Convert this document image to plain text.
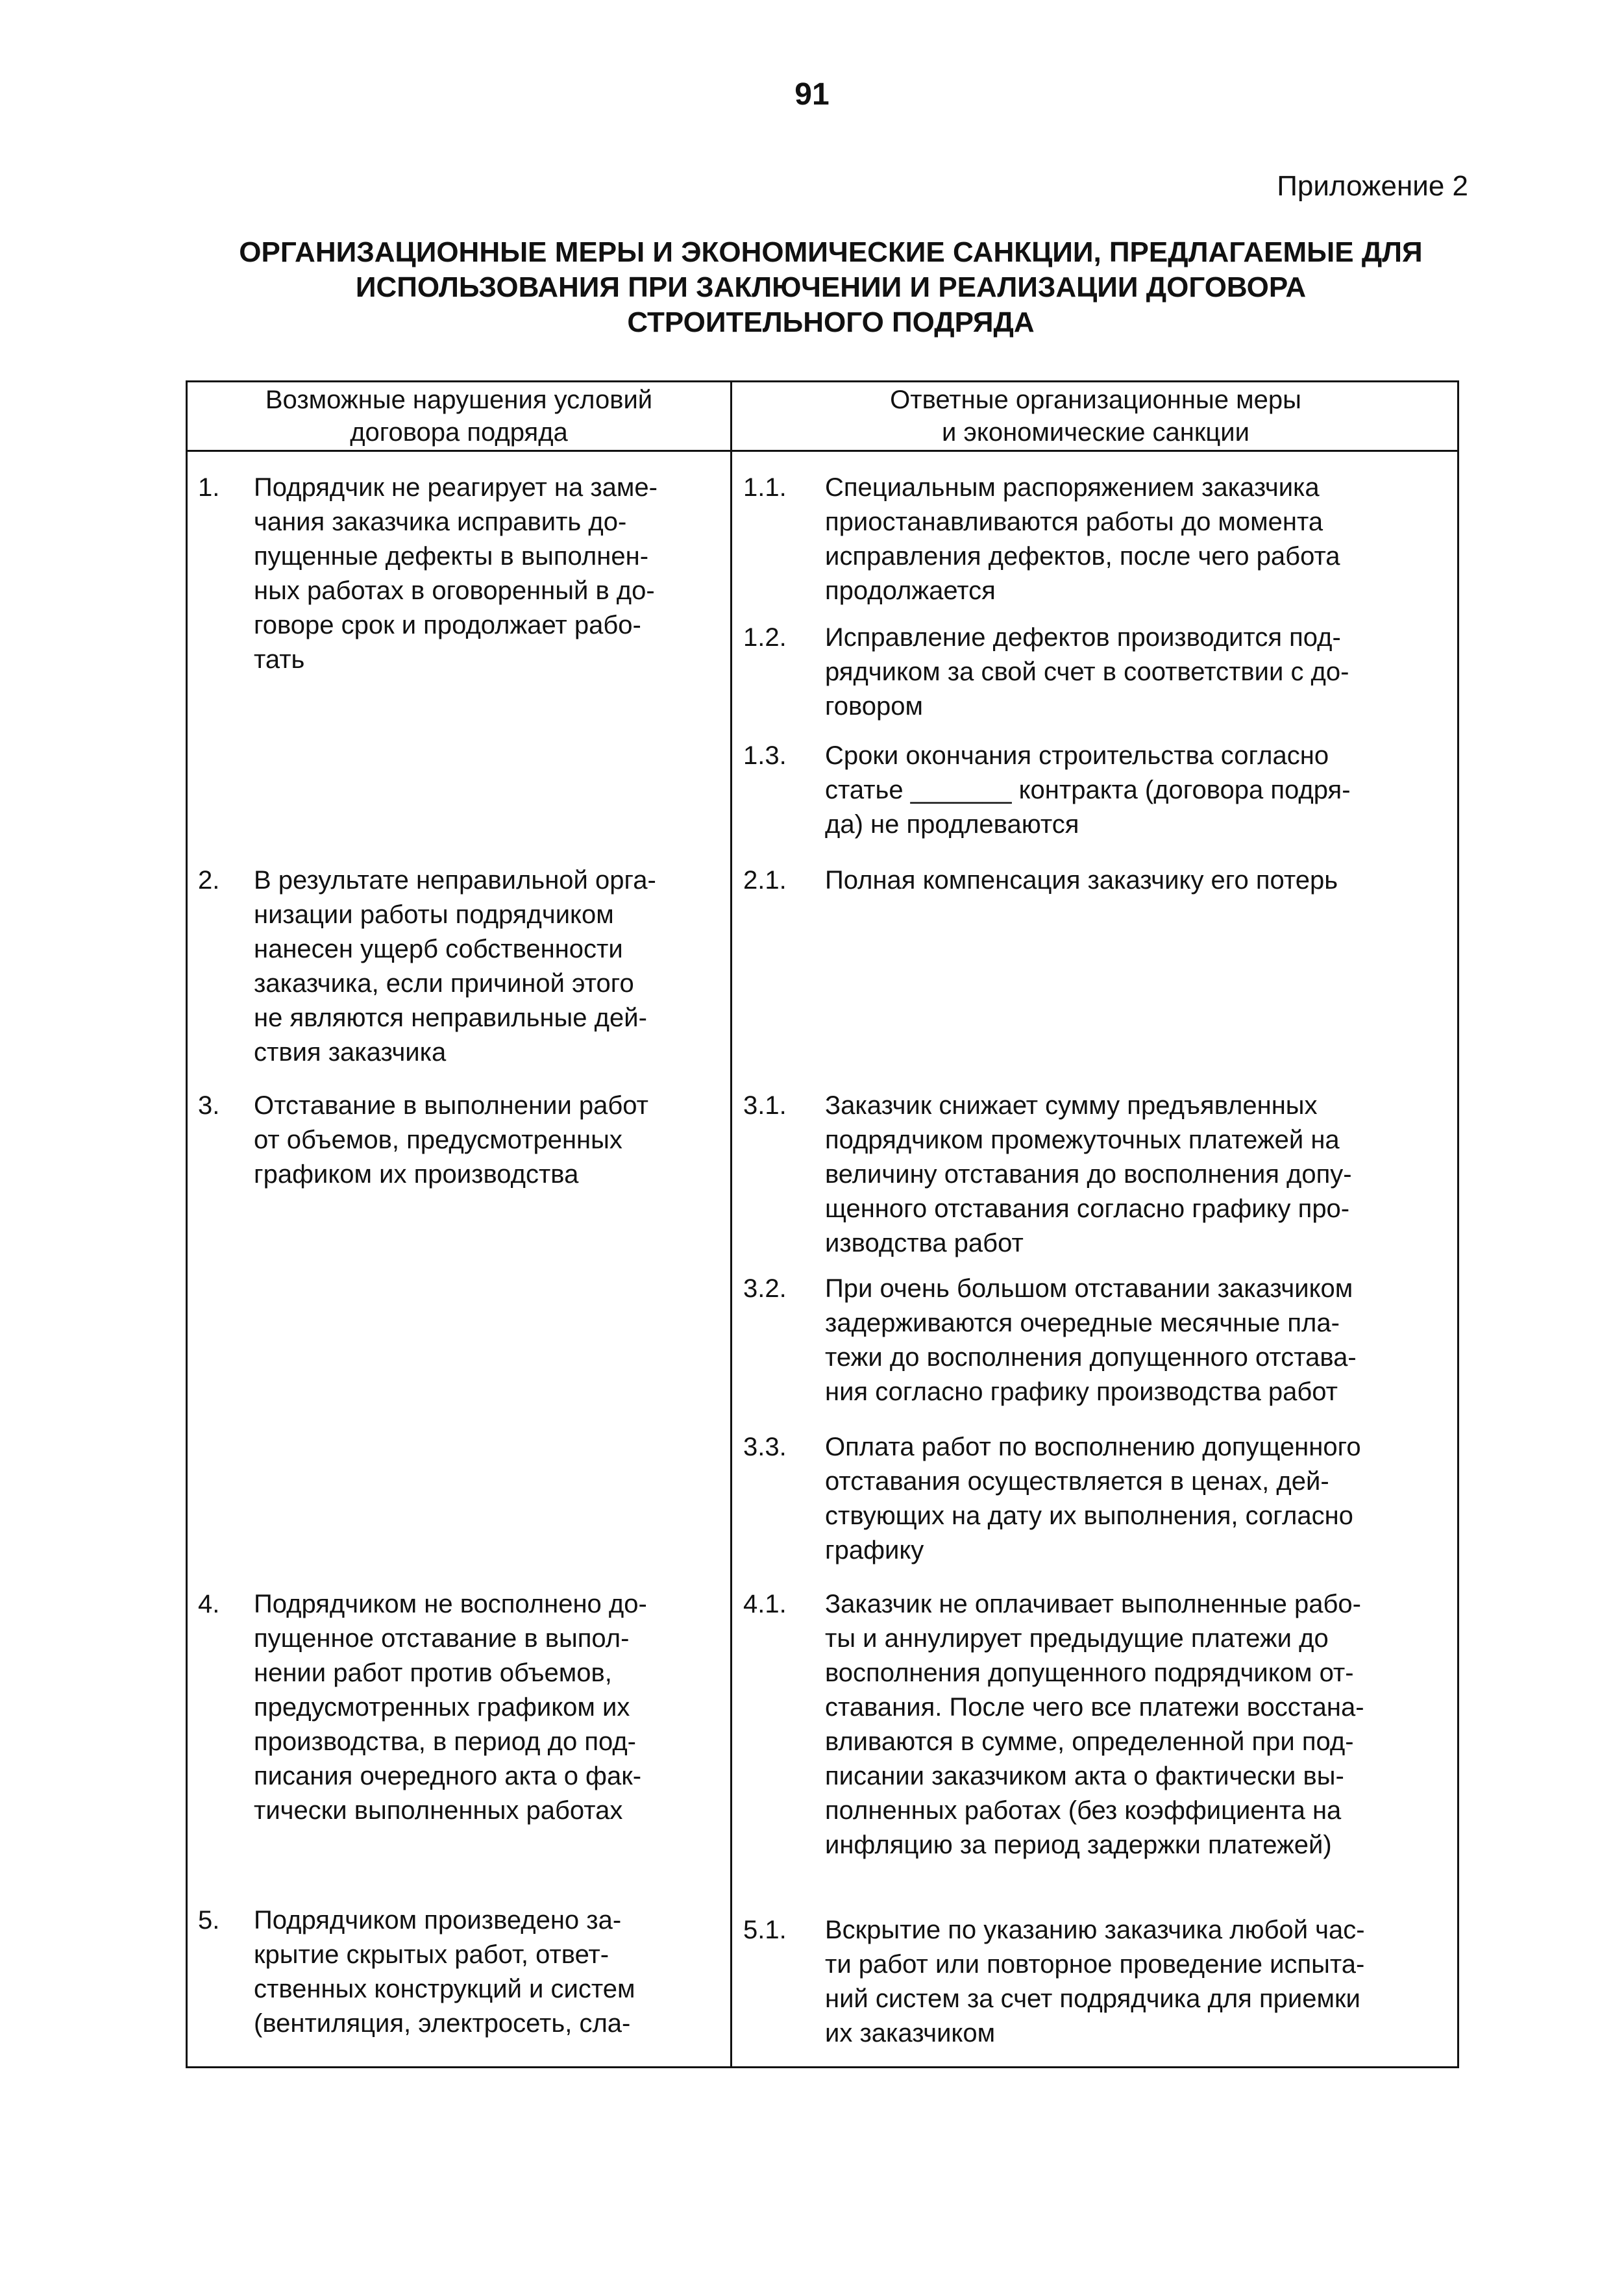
91
Приложение 2
ОРГАНИЗАЦИОННЫЕ МЕРЫ И ЭКОНОМИЧЕСКИЕ САНКЦИИ, ПРЕДЛАГАЕМЫЕ ДЛЯ
ИСПОЛЬЗОВАНИЯ ПРИ ЗАКЛЮЧЕНИИ И РЕАЛИЗАЦИИ ДОГОВОРА
СТРОИТЕЛЬНОГО ПОДРЯДА
Возможные нарушения условий
договора подряда
Ответные организационные меры
и экономические санкции
1. Подрядчик не реагирует на заме-
чания заказчика исправить до-
пущенные дефекты в выполнен-
ных работах в оговоренный в до-
говоре срок и продолжает рабо-
тать
2. В результате неправильной орга-
низации работы подрядчиком
нанесен ущерб собственности
заказчика, если причиной этого
не являются неправильные дей-
ствия заказчика
3. Отставание в выполнении работ
от объемов, предусмотренных
графиком их производства
4. Подрядчиком не восполнено до-
пущенное отставание в выпол-
нении работ против объемов,
предусмотренных графиком их
производства, в период до под-
писания очередного акта о фак-
тически выполненных работах
5. Подрядчиком произведено за-
крытие скрытых работ, ответ-
ственных конструкций и систем
(вентиляция, электросеть, сла-
1.1. Специальным распоряжением заказчика
приостанавливаются работы до момента
исправления дефектов, после чего работа
продолжается
1.2. Исправление дефектов производится под-
рядчиком за свой счет в соответствии с до-
говором
1.3. Сроки окончания строительства согласно
статье _______ контракта (договора подря-
да) не продлеваются
2.1. Полная компенсация заказчику его потерь
3.1. Заказчик снижает сумму предъявленных
подрядчиком промежуточных платежей на
величину отставания до восполнения допу-
щенного отставания согласно графику про-
изводства работ
3.2. При очень большом отставании заказчиком
задерживаются очередные месячные пла-
тежи до восполнения допущенного отстава-
ния согласно графику производства работ
3.3. Оплата работ по восполнению допущенного
отставания осуществляется в ценах, дей-
ствующих на дату их выполнения, согласно
графику
4.1. Заказчик не оплачивает выполненные рабо-
ты и аннулирует предыдущие платежи до
восполнения допущенного подрядчиком от-
ставания. После чего все платежи восстана-
вливаются в сумме, определенной при под-
писании заказчиком акта о фактически вы-
полненных работах (без коэффициента на
инфляцию за период задержки платежей)
5.1. Вскрытие по указанию заказчика любой час-
ти работ или повторное проведение испыта-
ний систем за счет подрядчика для приемки
их заказчиком
